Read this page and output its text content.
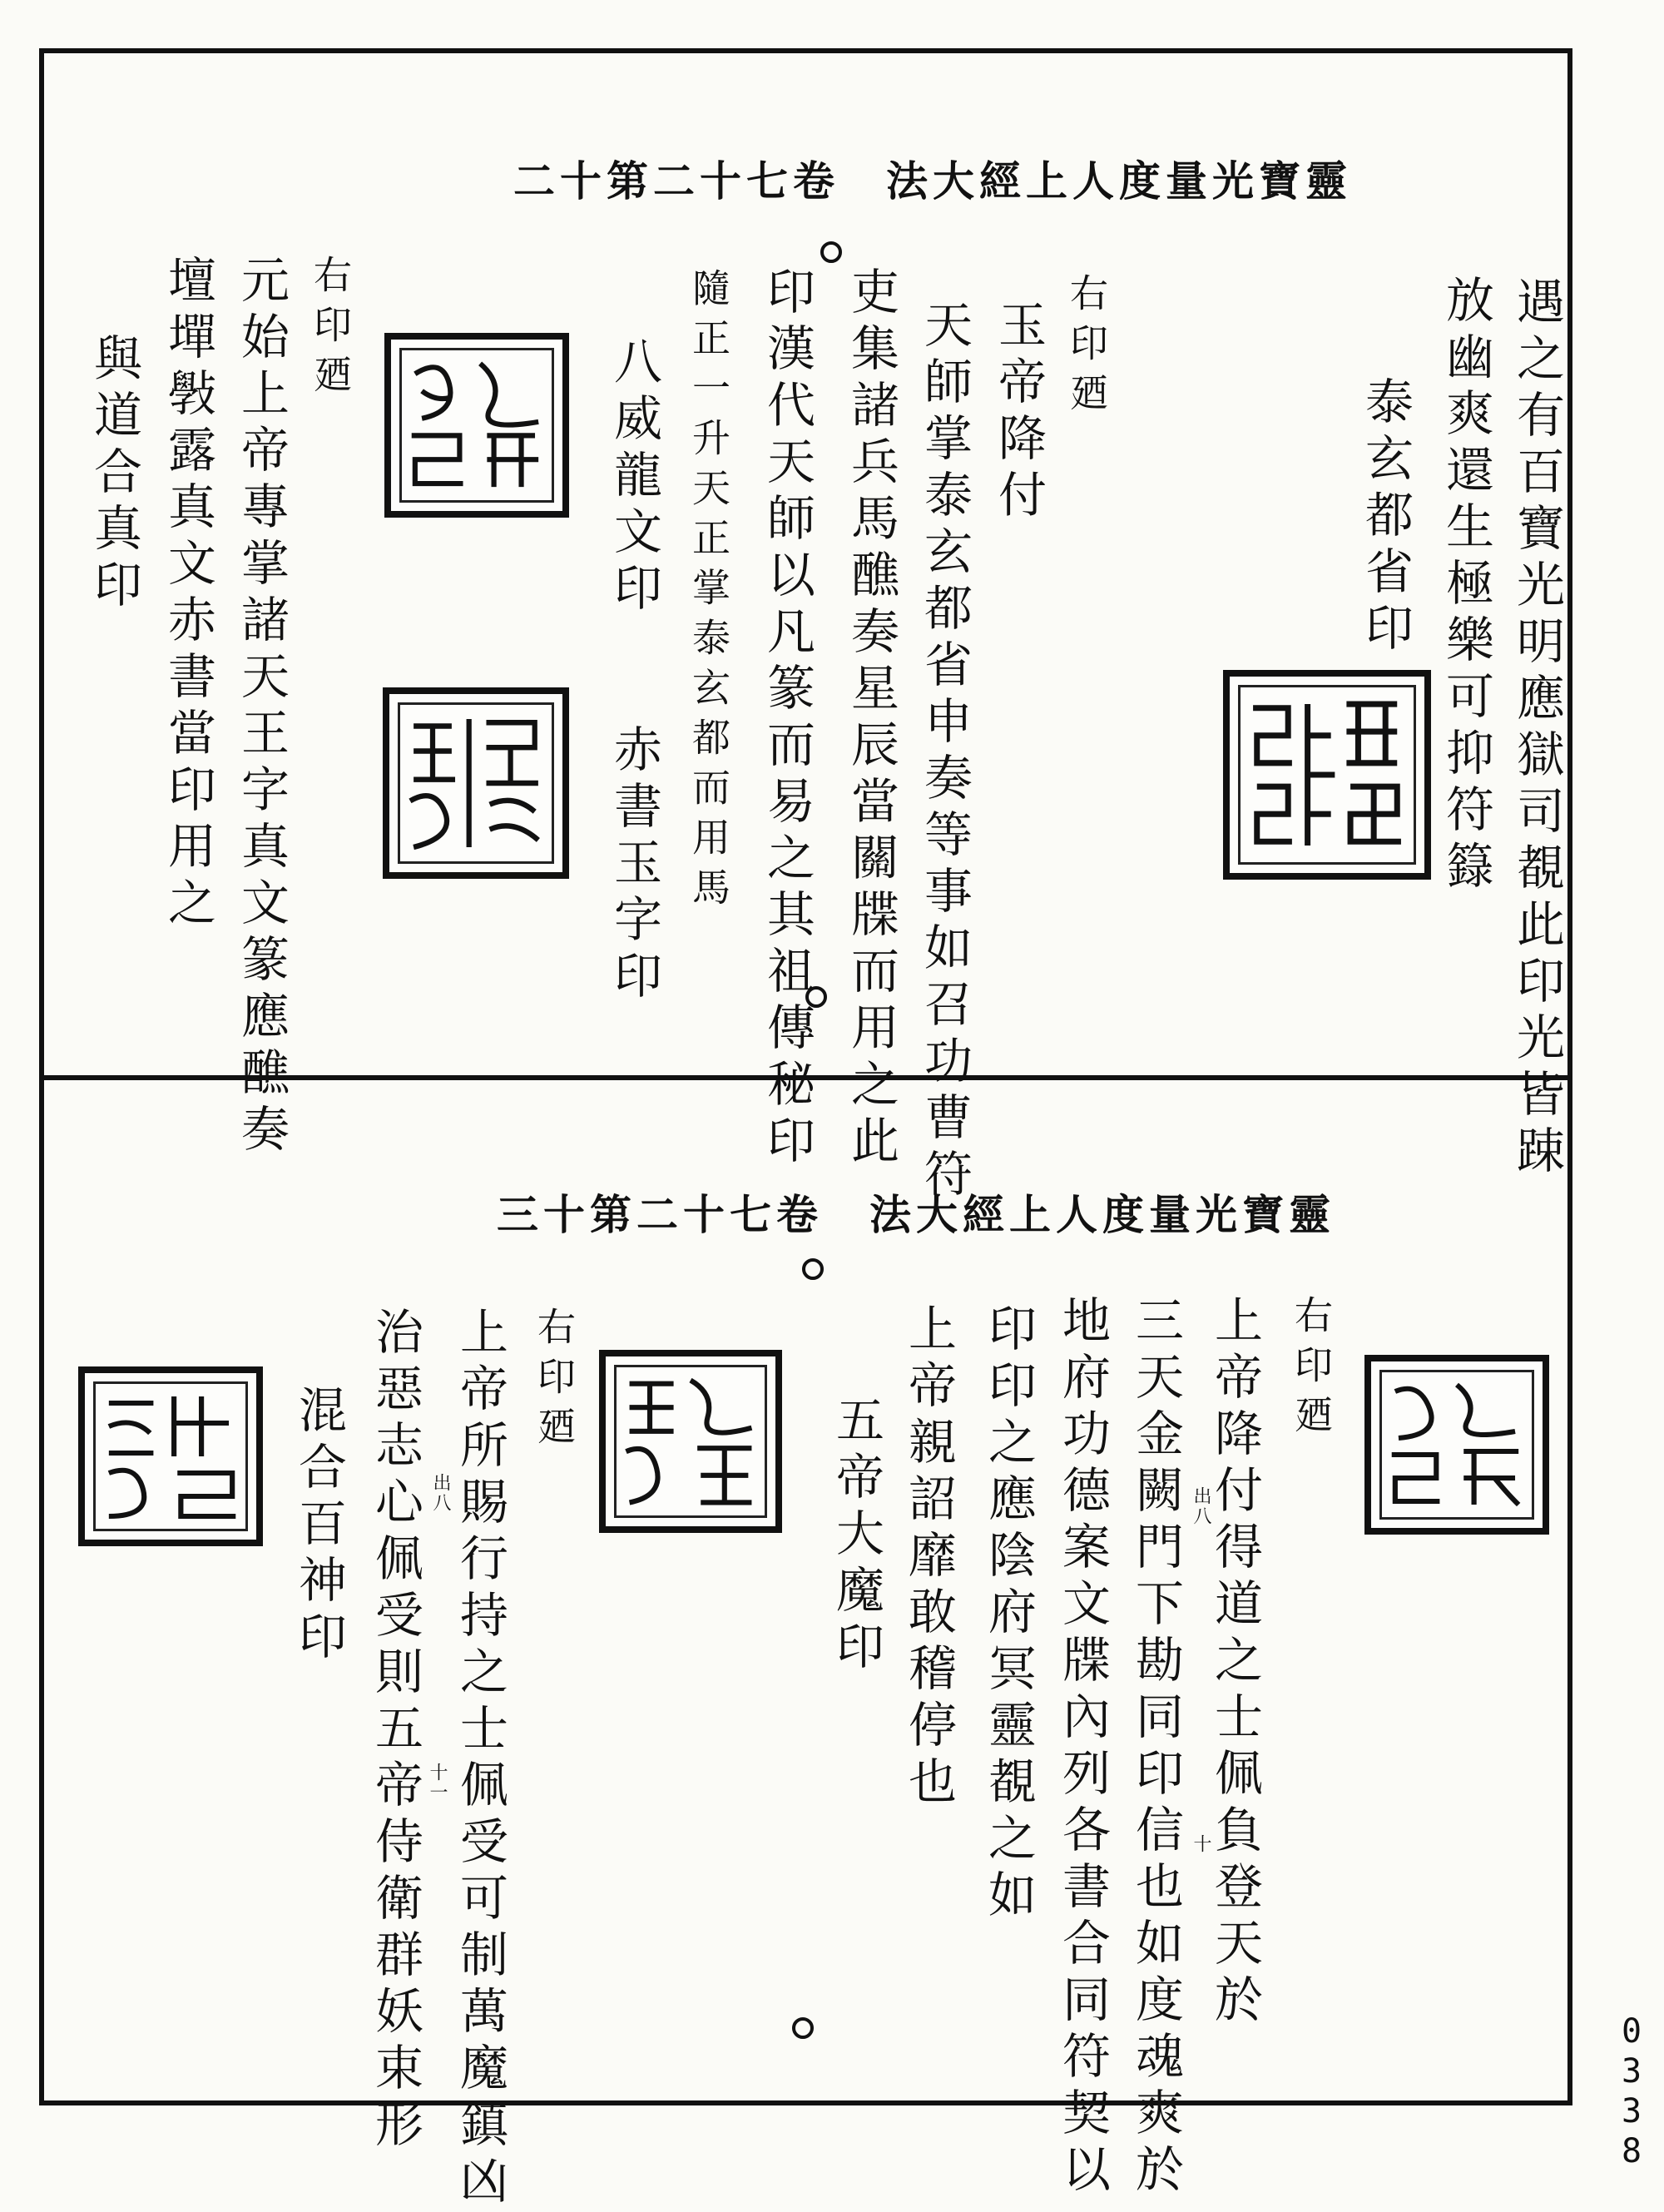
二十第二十七卷　法大經上人度量光寶靈
遇之有百寶光明應獄司覩此印光皆踈
放幽爽還生極樂可抑符籙
泰玄都省印
右印廼
玉帝降付
天師掌泰玄都省申奏等事如召功曹符
吏集諸兵馬醮奏星辰當關牒而用之此
印漢代天師以凡篆而易之其祖傳秘印
隨正一升天正掌泰玄都而用馬
八威龍文印
赤書玉字印
右印廼
元始上帝專掌諸天王字真文篆應醮奏
壇墠斅露真文赤書當印用之
與道合真印
三十第二十七卷　法大經上人度量光寶靈
右印廼
上帝降付得道之士佩負登天於
三天金闕門下勘同印信也如度魂爽於
地府功德案文牒內列各書合同符契以
印印之應陰府冥靈覩之如
上帝親詔靡敢稽停也
五帝大魔印
右印廼
上帝所賜行持之士佩受可制萬魔鎮凶
治惡志心佩受則五帝侍衛群妖束形
混合百神印	出八
十
十一
出八
0338
